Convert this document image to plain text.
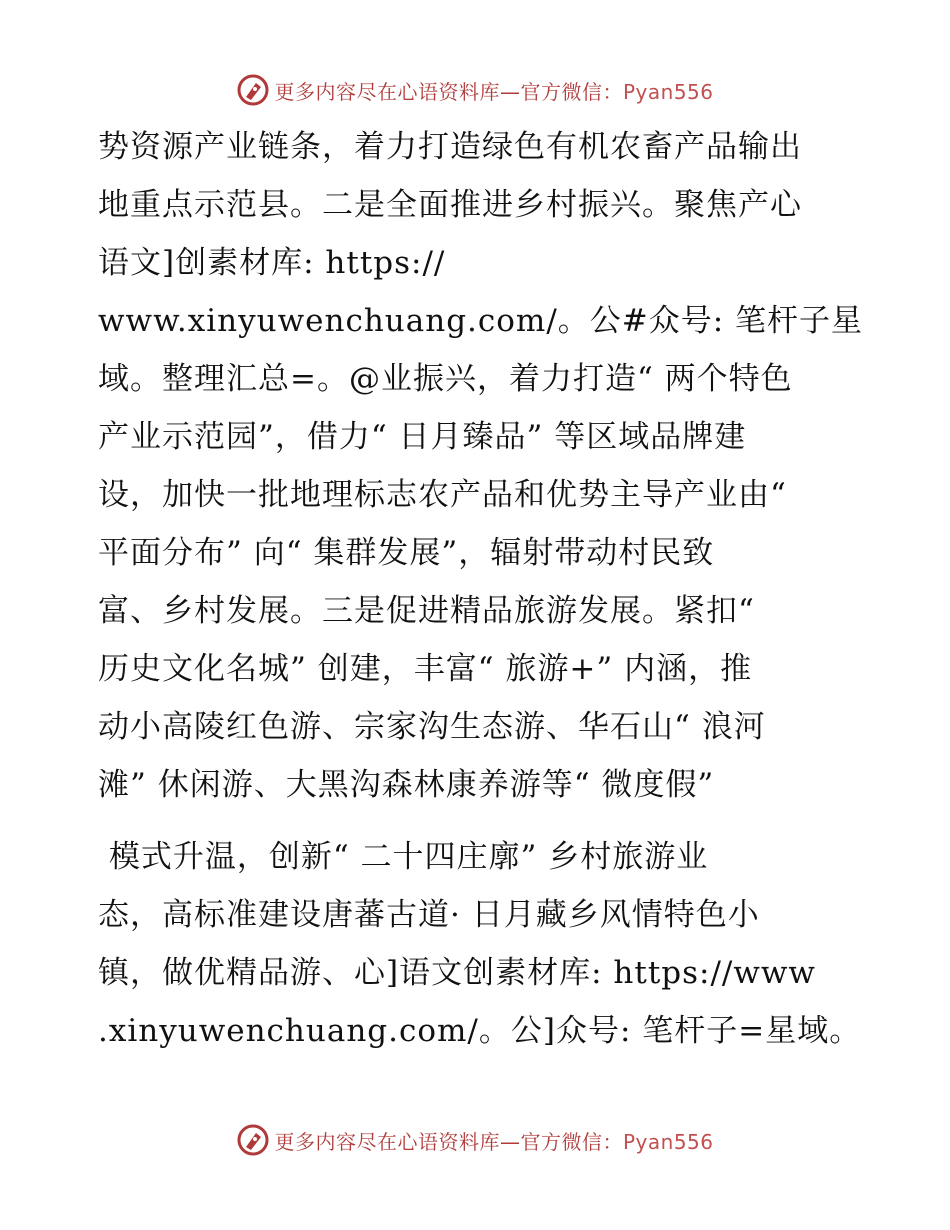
更多内容尽在心语资料库—官方微信：Pyan556
势资源产业链条，着力打造绿色有机农畜产品输出
地重点示范县。二是全面推进乡村振兴。聚焦产心
语文]创素材库: https://
www.xinyuwenchuang.com/。公#众号: 笔杆子星
域。整理汇总=。@业振兴，着力打造“ 两个特色
产业示范园”，借力“ 日月臻品” 等区域品牌建
设，加快一批地理标志农产品和优势主导产业由“
平面分布” 向“ 集群发展”，辐射带动村民致
富、乡村发展。三是促进精品旅游发展。紧扣“
历史文化名城” 创建，丰富“ 旅游+” 内涵，推
动小高陵红色游、宗家沟生态游、华石山“ 浪河
滩” 休闲游、大黑沟森林康养游等“ 微度假”
模式升温，创新“ 二十四庄廓” 乡村旅游业
态，高标准建设唐蕃古道· 日月藏乡风情特色小
镇，做优精品游、心]语文创素材库: https://www
.xinyuwenchuang.com/。公]众号: 笔杆子=星域。
更多内容尽在心语资料库—官方微信：Pyan556
